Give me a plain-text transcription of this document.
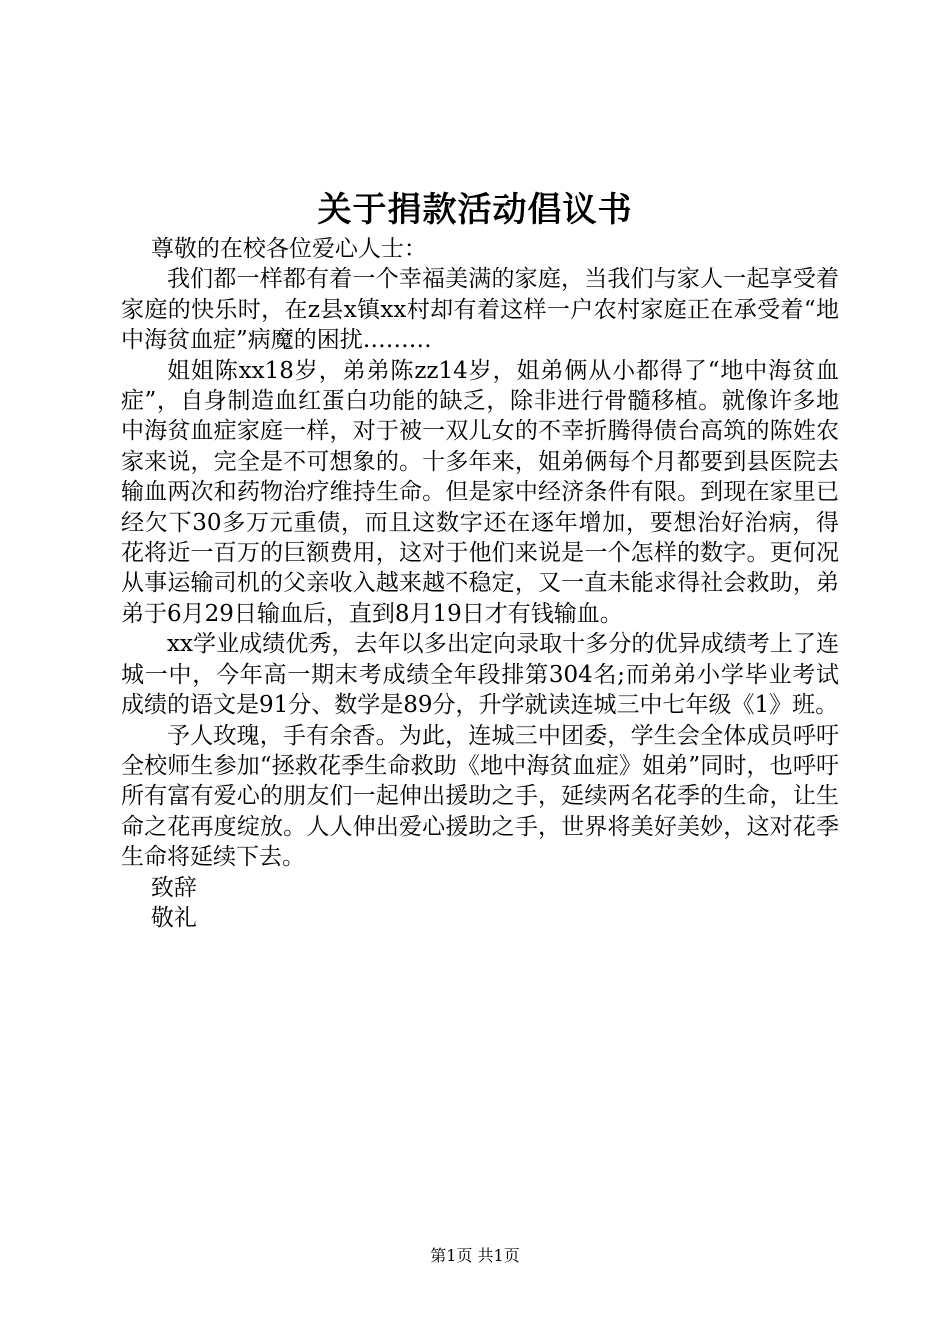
关于捐款活动倡议书

尊敬的在校各位爱心人士：

我们都一样都有着一个幸福美满的家庭，当我们与家人一起享受着家庭的快乐时，在z县x镇xx村却有着这样一户农村家庭正在承受着“地中海贫血症”病魔的困扰………

姐姐陈xx18岁，弟弟陈zz14岁，姐弟俩从小都得了“地中海贫血症”，自身制造血红蛋白功能的缺乏，除非进行骨髓移植。就像许多地中海贫血症家庭一样，对于被一双儿女的不幸折腾得债台高筑的陈姓农家来说，完全是不可想象的。十多年来，姐弟俩每个月都要到县医院去输血两次和药物治疗维持生命。但是家中经济条件有限。到现在家里已经欠下30多万元重债，而且这数字还在逐年增加，要想治好治病，得花将近一百万的巨额费用，这对于他们来说是一个怎样的数字。更何况从事运输司机的父亲收入越来越不稳定，又一直未能求得社会救助，弟弟于6月29日输血后，直到8月19日才有钱输血。

xx学业成绩优秀，去年以多出定向录取十多分的优异成绩考上了连城一中，今年高一期末考成绩全年段排第304名;而弟弟小学毕业考试成绩的语文是91分、数学是89分，升学就读连城三中七年级《1》班。

予人玫瑰，手有余香。为此，连城三中团委，学生会全体成员呼吁全校师生参加“拯救花季生命救助《地中海贫血症》姐弟”同时，也呼吁所有富有爱心的朋友们一起伸出援助之手，延续两名花季的生命，让生命之花再度绽放。人人伸出爱心援助之手，世界将美好美妙，这对花季生命将延续下去。

致辞

敬礼

第1页 共1页
